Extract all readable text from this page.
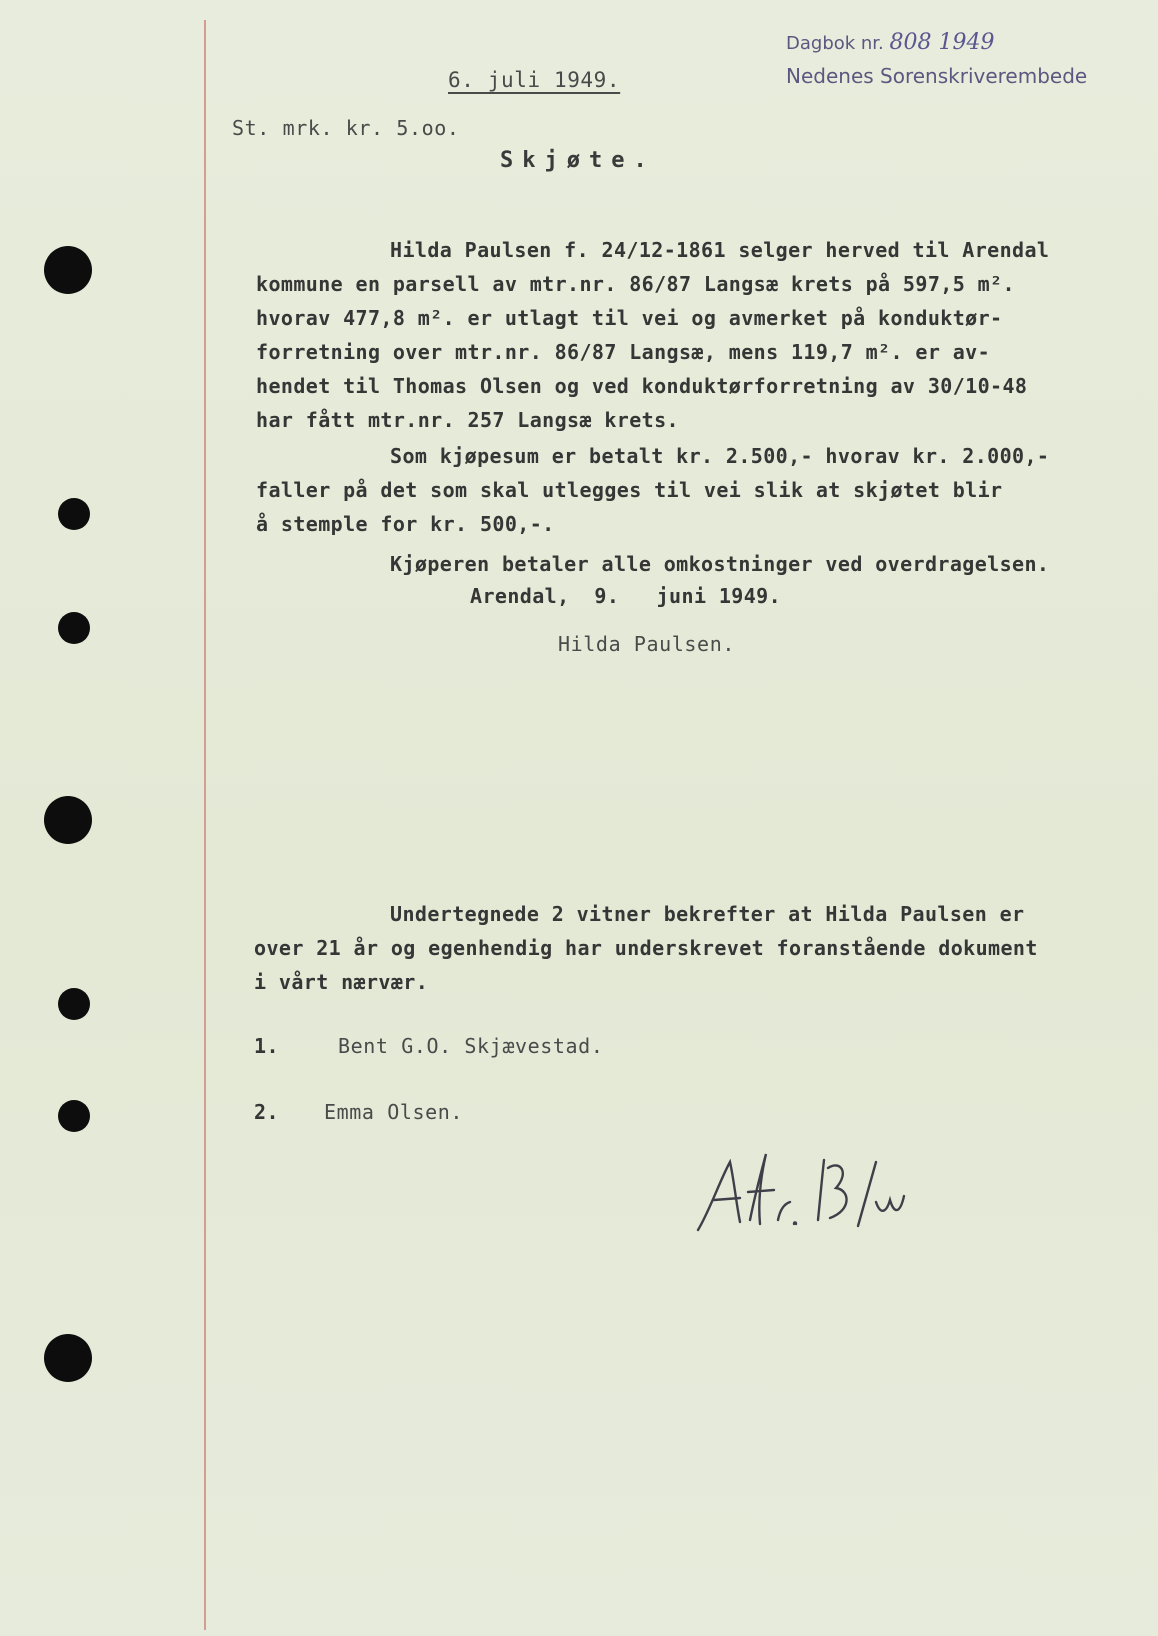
Dagbok nr. 808 1949
Nedenes Sorenskriverembede
6. juli 1949.
St. mrk. kr. 5.oo.
Skjøte.
Hilda Paulsen f. 24/12-1861 selger herved til Arendal
kommune en parsell av mtr.nr. 86/87 Langsæ krets på 597,5 m².
hvorav 477,8 m². er utlagt til vei og avmerket på konduktør-
forretning over mtr.nr. 86/87 Langsæ, mens 119,7 m². er av-
hendet til Thomas Olsen og ved konduktørforretning av 30/10-48
har fått mtr.nr. 257 Langsæ krets.
Som kjøpesum er betalt kr. 2.500,- hvorav kr. 2.000,-
faller på det som skal utlegges til vei slik at skjøtet blir
å stemple for kr. 500,-.
Kjøperen betaler alle omkostninger ved overdragelsen.
Arendal,  9.   juni 1949.
Hilda Paulsen.
Undertegnede 2 vitner bekrefter at Hilda Paulsen er
over 21 år og egenhendig har underskrevet foranstående dokument
i vårt nærvær.
1.	Bent G.O. Skjævestad.
2. Emma Olsen.
